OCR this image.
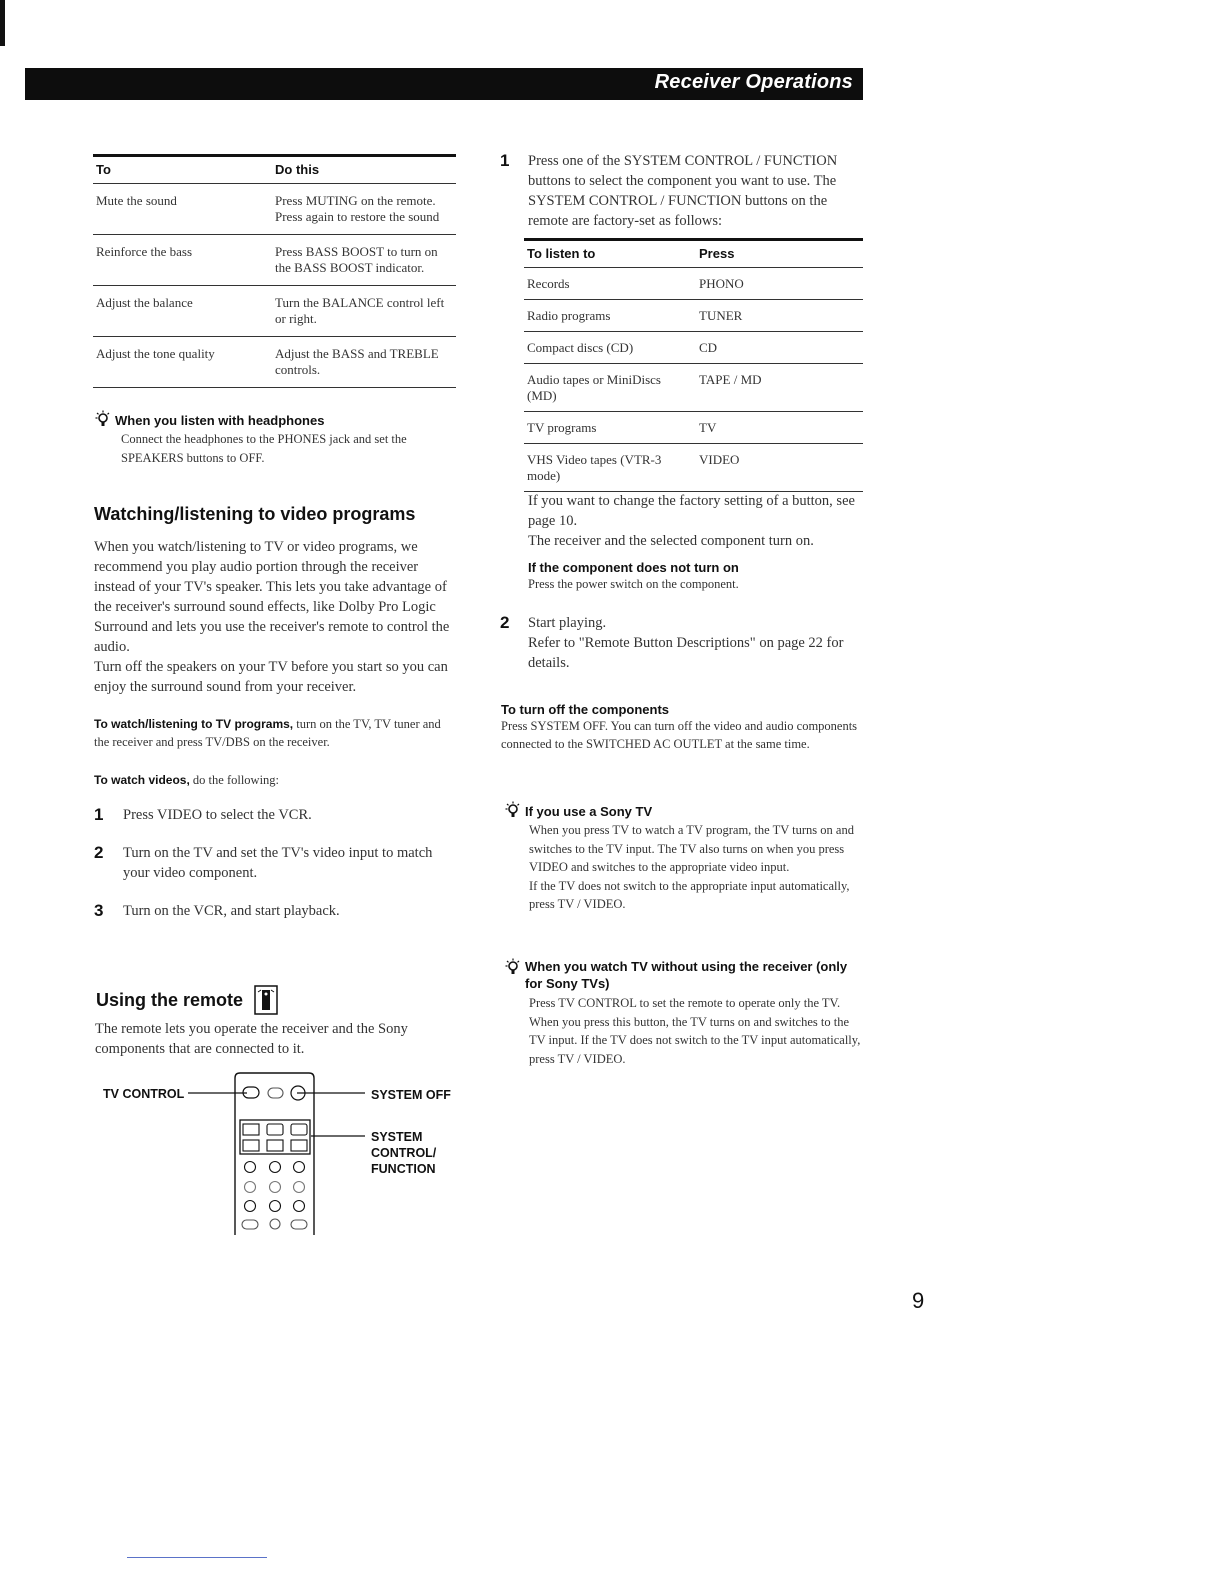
Receiver Operations
To	Do this
Mute the sound	Press MUTING on the remote. Press again to restore the sound
Reinforce the bass	Press BASS BOOST to turn on the BASS BOOST indicator.
Adjust the balance	Turn the BALANCE control left or right.
Adjust the tone quality	Adjust the BASS and TREBLE controls.
When you listen with headphones
Connect the headphones to the PHONES jack and set the SPEAKERS buttons to OFF.
Watching/listening to video programs
When you watch/listening to TV or video programs, we recommend you play audio portion through the receiver instead of your TV's speaker. This lets you take advantage of the receiver's surround sound effects, like Dolby Pro Logic Surround and lets you use the receiver's remote to control the audio.
Turn off the speakers on your TV before you start so you can enjoy the surround sound from your receiver.
To watch/listening to TV programs, turn on the TV, TV tuner and the receiver and press TV/DBS on the receiver.
To watch videos, do the following:
1	Press VIDEO to select the VCR.
2	Turn on the TV and set the TV's video input to match your video component.
3	Turn on the VCR, and start playback.
Using the remote
The remote lets you operate the receiver and the Sony components that are connected to it.
TV CONTROL	SYSTEM OFF
SYSTEM
CONTROL/
FUNCTION
1	Press one of the SYSTEM CONTROL / FUNCTION buttons to select the component you want to use. The SYSTEM CONTROL / FUNCTION buttons on the remote are factory-set as follows:
To listen to	Press
Records	PHONO
Radio programs	TUNER
Compact discs (CD)	CD
Audio tapes or MiniDiscs (MD)	TAPE / MD
TV programs	TV
VHS Video tapes (VTR-3 mode)	VIDEO
If you want to change the factory setting of a button, see page 10.
The receiver and the selected component turn on.
If the component does not turn on
Press the power switch on the component.
2	Start playing.
Refer to "Remote Button Descriptions" on page 22 for details.
To turn off the components
Press SYSTEM OFF. You can turn off the video and audio components connected to the SWITCHED AC OUTLET at the same time.
If you use a Sony TV
When you press TV to watch a TV program, the TV turns on and switches to the TV input. The TV also turns on when you press VIDEO and switches to the appropriate video input.
If the TV does not switch to the appropriate input automatically, press TV / VIDEO.
When you watch TV without using the receiver (only for Sony TVs)
Press TV CONTROL to set the remote to operate only the TV. When you press this button, the TV turns on and switches to the TV input. If the TV does not switch to the TV input automatically, press TV / VIDEO.
9
